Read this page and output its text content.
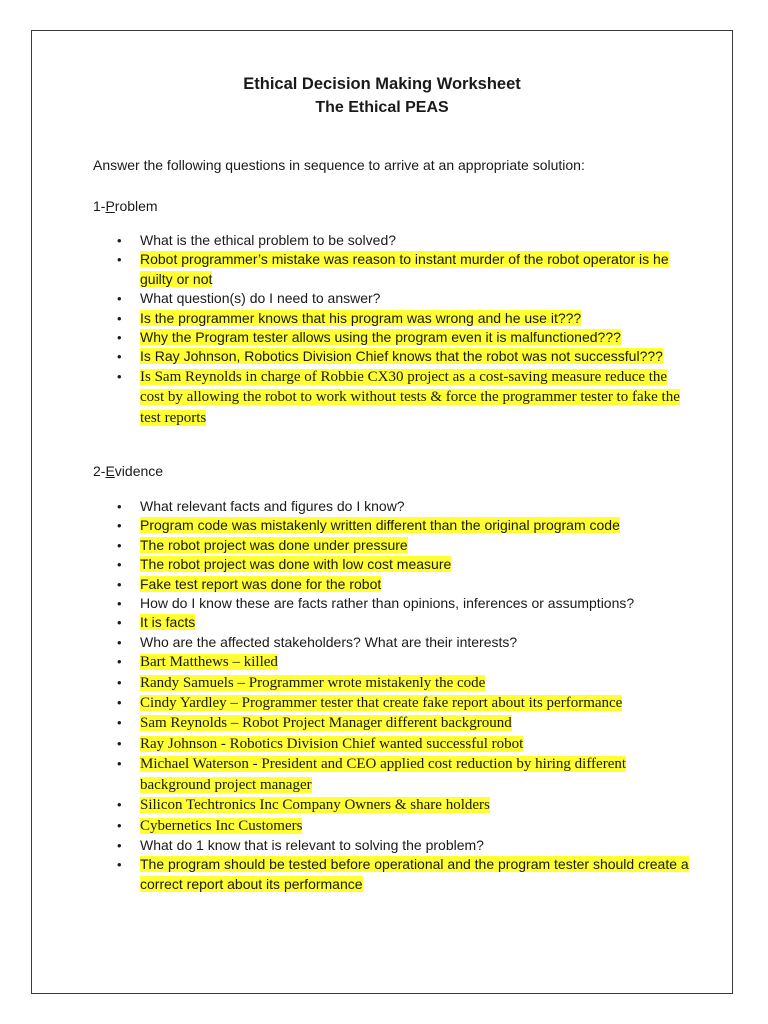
Ethical Decision Making Worksheet
The Ethical PEAS

Answer the following questions in sequence to arrive at an appropriate solution:

1-Problem

• What is the ethical problem to be solved?
• Robot programmer’s mistake was reason to instant murder of the robot operator is he guilty or not
• What question(s) do I need to answer?
• Is the programmer knows that his program was wrong and he use it???
• Why the Program tester allows using the program even it is malfunctioned???
• Is Ray Johnson, Robotics Division Chief knows that the robot was not successful???
• Is Sam Reynolds in charge of Robbie CX30 project as a cost-saving measure reduce the cost by allowing the robot to work without tests & force the programmer tester to fake the test reports

2-Evidence

• What relevant facts and figures do I know?
• Program code was mistakenly written different than the original program code
• The robot project was done under pressure
• The robot project was done with low cost measure
• Fake test report was done for the robot
• How do I know these are facts rather than opinions, inferences or assumptions?
• It is facts
• Who are the affected stakeholders? What are their interests?
• Bart Matthews – killed
• Randy Samuels – Programmer wrote mistakenly the code
• Cindy Yardley – Programmer tester that create fake report about its performance
• Sam Reynolds – Robot Project Manager different background
• Ray Johnson - Robotics Division Chief wanted successful robot
• Michael Waterson - President and CEO applied cost reduction by hiring different background project manager
• Silicon Techtronics Inc Company Owners & share holders
• Cybernetics Inc Customers
• What do 1 know that is relevant to solving the problem?
• The program should be tested before operational and the program tester should create a correct report about its performance
